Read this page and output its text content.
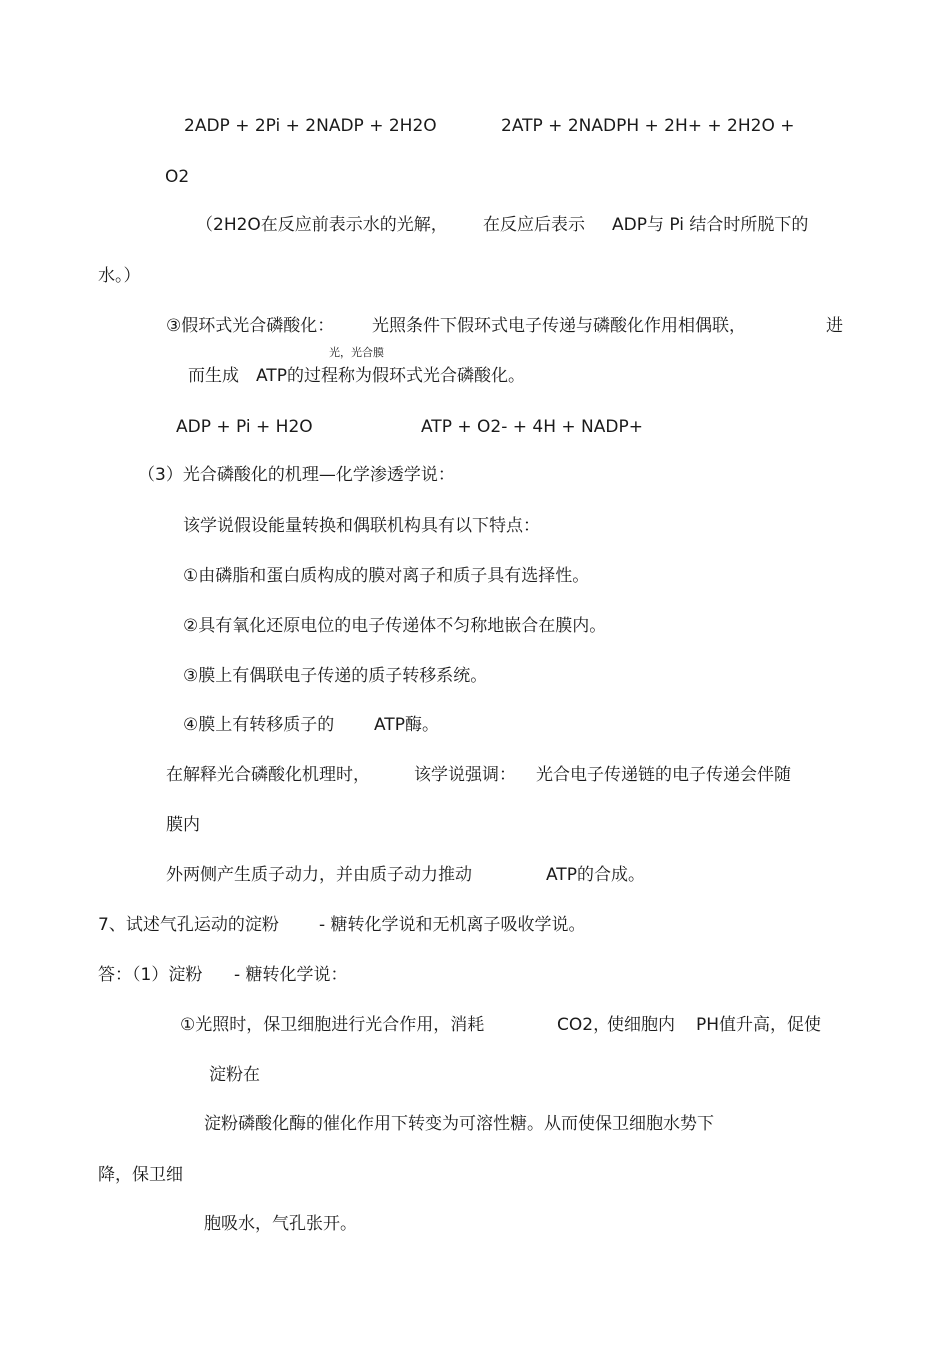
2ADP + 2Pi + 2NADP + 2H2O	2ATP + 2NADPH + 2H+ + 2H2O +
O2
（2H2O在反应前表示水的光解， 在反应后表示 ADP与 Pi 结合时所脱下的
水。）
③假环式光合磷酸化： 光照条件下假环式电子传递与磷酸化作用相偶联，	进
光，光合膜
而生成 ATP的过程称为假环式光合磷酸化。
ADP + Pi + H2O	ATP + O2- + 4H + NADP+
（3）光合磷酸化的机理—化学渗透学说：
该学说假设能量转换和偶联机构具有以下特点：
①由磷脂和蛋白质构成的膜对离子和质子具有选择性。
②具有氧化还原电位的电子传递体不匀称地嵌合在膜内。
③膜上有偶联电子传递的质子转移系统。
④膜上有转移质子的 ATP酶。
在解释光合磷酸化机理时，	该学说强调： 光合电子传递链的电子传递会伴随
膜内
外两侧产生质子动力，并由质子动力推动	ATP的合成。
7、试述气孔运动的淀粉 - 糖转化学说和无机离子吸收学说。
答：（1）淀粉 - 糖转化学说：
①光照时，保卫细胞进行光合作用，消耗	CO2，
使细胞内 PH值升高，促使
淀粉在
淀粉磷酸化酶的催化作用下转变为可溶性糖。从而使保卫细胞水势下
降，保卫细
胞吸水，气孔张开。
